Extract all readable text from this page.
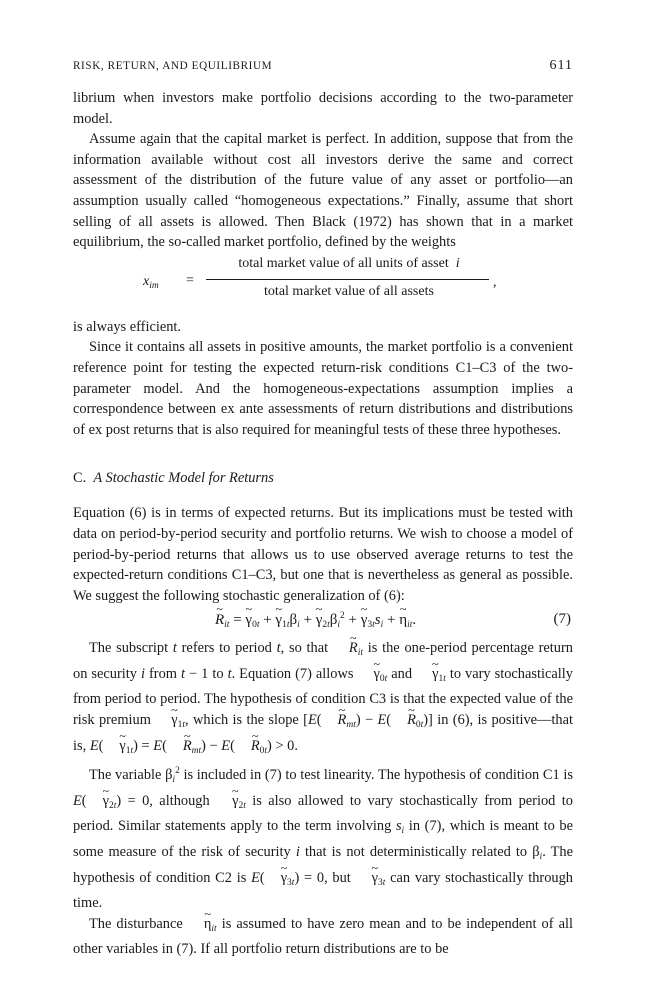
RISK, RETURN, AND EQUILIBRIUM	611

librium when investors make portfolio decisions according to the two-parameter model.

Assume again that the capital market is perfect. In addition, suppose that from the information available without cost all investors derive the same and correct assessment of the distribution of the future value of any asset or portfolio—an assumption usually called “homogeneous expectations.” Finally, assume that short selling of all assets is allowed. Then Black (1972) has shown that in a market equilibrium, the so-called market portfolio, defined by the weights

$x_{im}$ =
total market value of all units of asset i
total market value of all assets
,

is always efficient.

Since it contains all assets in positive amounts, the market portfolio is a convenient reference point for testing the expected return-risk conditions C1–C3 of the two-parameter model. And the homogeneous-expectations assumption implies a correspondence between ex ante assessments of return distributions and distributions of ex post returns that is also required for meaningful tests of these three hypotheses.

C. A Stochastic Model for Returns

Equation (6) is in terms of expected returns. But its implications must be tested with data on period-by-period security and portfolio returns. We wish to choose a model of period-by-period returns that allows us to use observed average returns to test the expected-return conditions C1–C3, but one that is nevertheless as general as possible. We suggest the following stochastic generalization of (6):

~ $R_{it}$ = ~ $\gamma_{0t}$ + ~ $\gamma_{1t}\beta_i$ + ~ $\gamma_{2t}\beta_i^2$ + ~ $\gamma_{3t}s_i$ + ~ $\eta_{it}$.	(7)

The subscript t refers to period t, so that ~ $R_{it}$ is the one-period percentage return on security i from t − 1 to t. Equation (7) allows ~ $\gamma_{0t}$ and ~ $\gamma_{1t}$ to vary stochastically from period to period. The hypothesis of condition C3 is that the expected value of the risk premium ~ $\gamma_{1t}$, which is the slope [E(~ $R_{mt}$) − E(~ $R_{0t}$)] in (6), is positive—that is, E(~ $\gamma_{1t}$) = E(~ $R_{mt}$) − E(~ $R_{0t}) > 0$.

The variable $\beta_i^2$ is included in (7) to test linearity. The hypothesis of condition C1 is E(~ $\gamma_{2t}) = 0$, although ~ $\gamma_{2t}$ is also allowed to vary stochastically from period to period. Similar statements apply to the term involving $s_i$ in (7), which is meant to be some measure of the risk of security i that is not deterministically related to $\beta_i$. The hypothesis of condition C2 is E(~ $\gamma_{3t}) = 0$, but ~ $\gamma_{3t}$ can vary stochastically through time.

The disturbance ~ $\eta_{it}$ is assumed to have zero mean and to be independent of all other variables in (7). If all portfolio return distributions are to be
